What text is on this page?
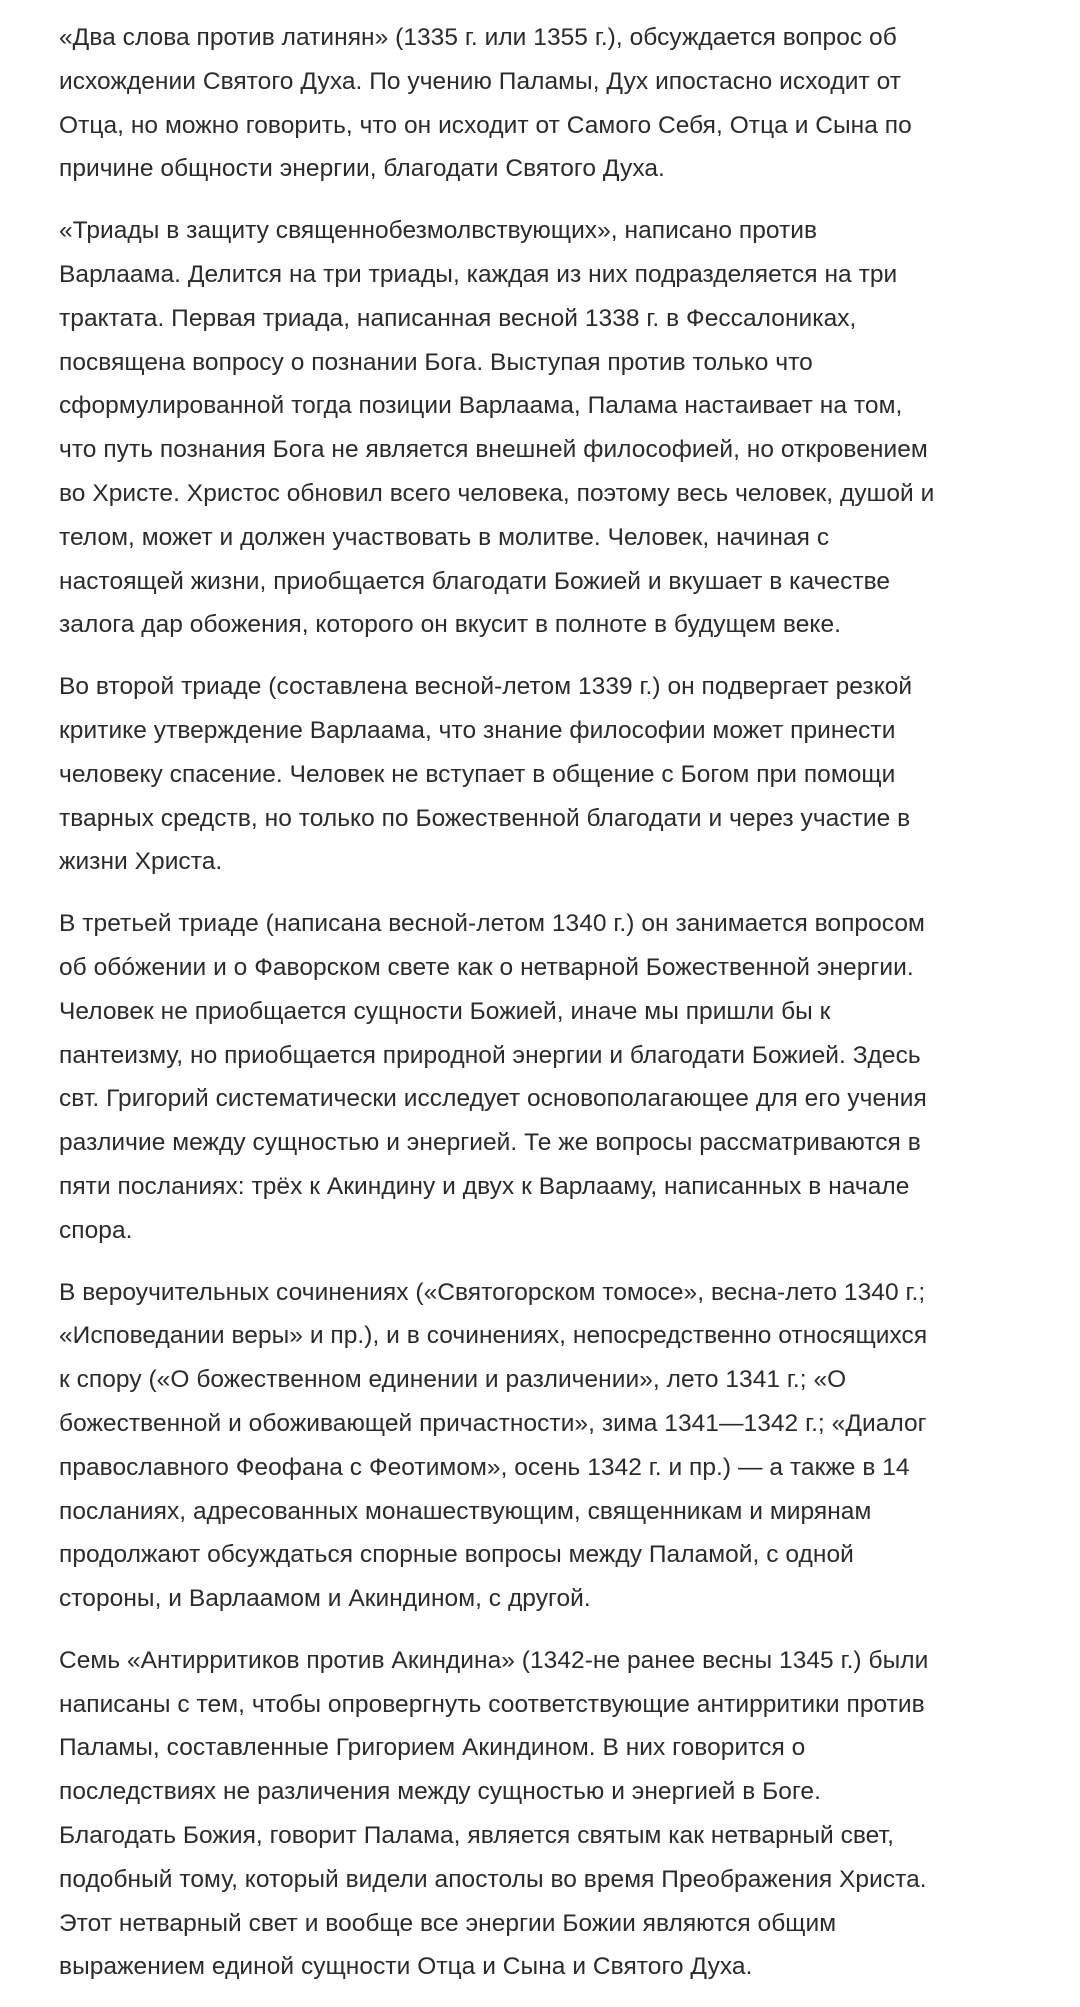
«Два слова против латинян» (1335 г. или 1355 г.), обсуждается вопрос об
исхождении Святого Духа. По учению Паламы, Дух ипостасно исходит от
Отца, но можно говорить, что он исходит от Самого Себя, Отца и Сына по
причине общности энергии, благодати Святого Духа.

«Триады в защиту священнобезмолвствующих», написано против
Варлаама. Делится на три триады, каждая из них подразделяется на три
трактата. Первая триада, написанная весной 1338 г. в Фессалониках,
посвящена вопросу о познании Бога. Выступая против только что
сформулированной тогда позиции Варлаама, Палама настаивает на том,
что путь познания Бога не является внешней философией, но откровением
во Христе. Христос обновил всего человека, поэтому весь человек, душой и
телом, может и должен участвовать в молитве. Человек, начиная с
настоящей жизни, приобщается благодати Божией и вкушает в качестве
залога дар обожения, которого он вкусит в полноте в будущем веке.

Во второй триаде (составлена весной-летом 1339 г.) он подвергает резкой
критике утверждение Варлаама, что знание философии может принести
человеку спасение. Человек не вступает в общение с Богом при помощи
тварных средств, но только по Божественной благодати и через участие в
жизни Христа.

В третьей триаде (написана весной-летом 1340 г.) он занимается вопросом
об обóжении и о Фаворском свете как о нетварной Божественной энергии.
Человек не приобщается сущности Божией, иначе мы пришли бы к
пантеизму, но приобщается природной энергии и благодати Божией. Здесь
свт. Григорий систематически исследует основополагающее для его учения
различие между сущностью и энергией. Те же вопросы рассматриваются в
пяти посланиях: трёх к Акиндину и двух к Варлааму, написанных в начале
спора.

В вероучительных сочинениях («Святогорском томосе», весна-лето 1340 г.;
«Исповедании веры» и пр.), и в сочинениях, непосредственно относящихся
к спору («О божественном единении и различении», лето 1341 г.; «О
божественной и обоживающей причастности», зима 1341—1342 г.; «Диалог
православного Феофана с Феотимом», осень 1342 г. и пр.) — а также в 14
посланиях, адресованных монашествующим, священникам и мирянам
продолжают обсуждаться спорные вопросы между Паламой, с одной
стороны, и Варлаамом и Акиндином, с другой.

Семь «Антирритиков против Акиндина» (1342-не ранее весны 1345 г.) были
написаны с тем, чтобы опровергнуть соответствующие антирритики против
Паламы, составленные Григорием Акиндином. В них говорится о
последствиях не различения между сущностью и энергией в Боге.
Благодать Божия, говорит Палама, является святым как нетварный свет,
подобный тому, который видели апостолы во время Преображения Христа.
Этот нетварный свет и вообще все энергии Божии являются общим
выражением единой сущности Отца и Сына и Святого Духа.
